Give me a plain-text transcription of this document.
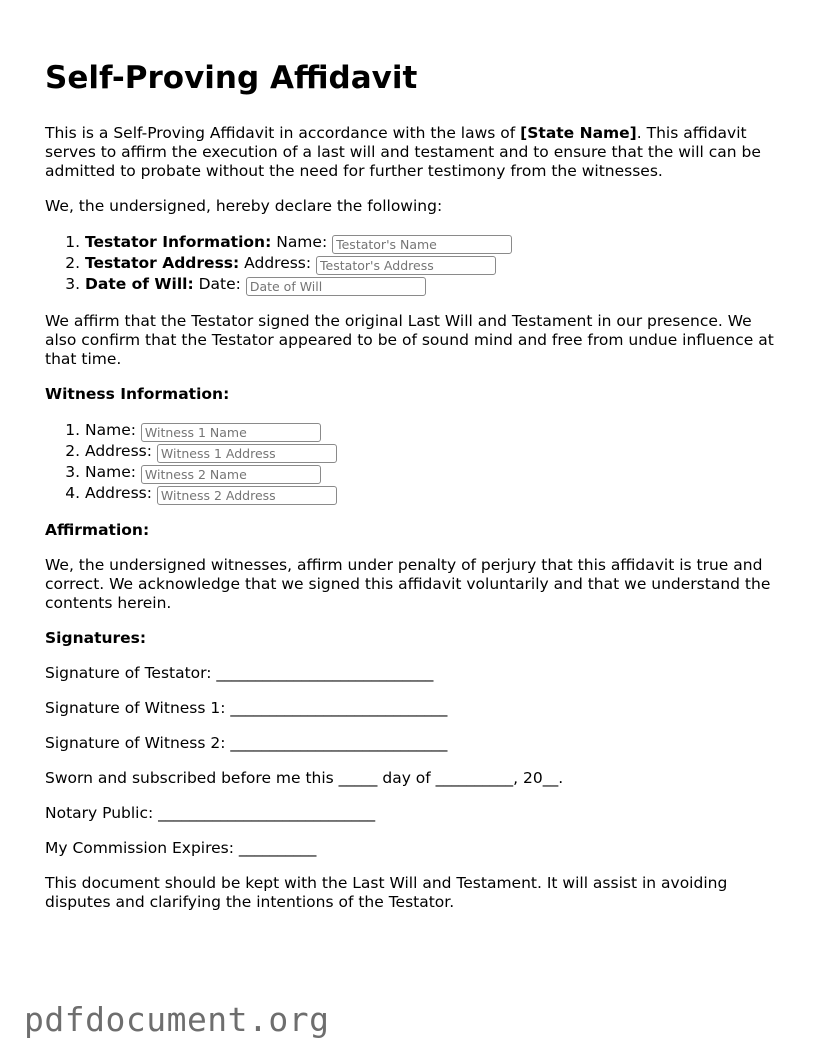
Self-Proving Affidavit

This is a Self-Proving Affidavit in accordance with the laws of [State Name]. This affidavit serves to affirm the execution of a last will and testament and to ensure that the will can be admitted to probate without the need for further testimony from the witnesses.

We, the undersigned, hereby declare the following:

1. Testator Information: Name: Testator's Name
2. Testator Address: Address: Testator's Address
3. Date of Will: Date: Date of Will

We affirm that the Testator signed the original Last Will and Testament in our presence. We also confirm that the Testator appeared to be of sound mind and free from undue influence at that time.

Witness Information:
1. Name: Witness 1 Name
2. Address: Witness 1 Address
3. Name: Witness 2 Name
4. Address: Witness 2 Address
Affirmation:

We, the undersigned witnesses, affirm under penalty of perjury that this affidavit is true and correct. We acknowledge that we signed this affidavit voluntarily and that we understand the contents herein.

Signatures:

Signature of Testator: ____________________________

Signature of Witness 1: ____________________________

Signature of Witness 2: ____________________________

Sworn and subscribed before me this _____ day of __________, 20__.

Notary Public: ____________________________

My Commission Expires: __________

This document should be kept with the Last Will and Testament. It will assist in avoiding disputes and clarifying the intentions of the Testator.

pdfdocument.org
